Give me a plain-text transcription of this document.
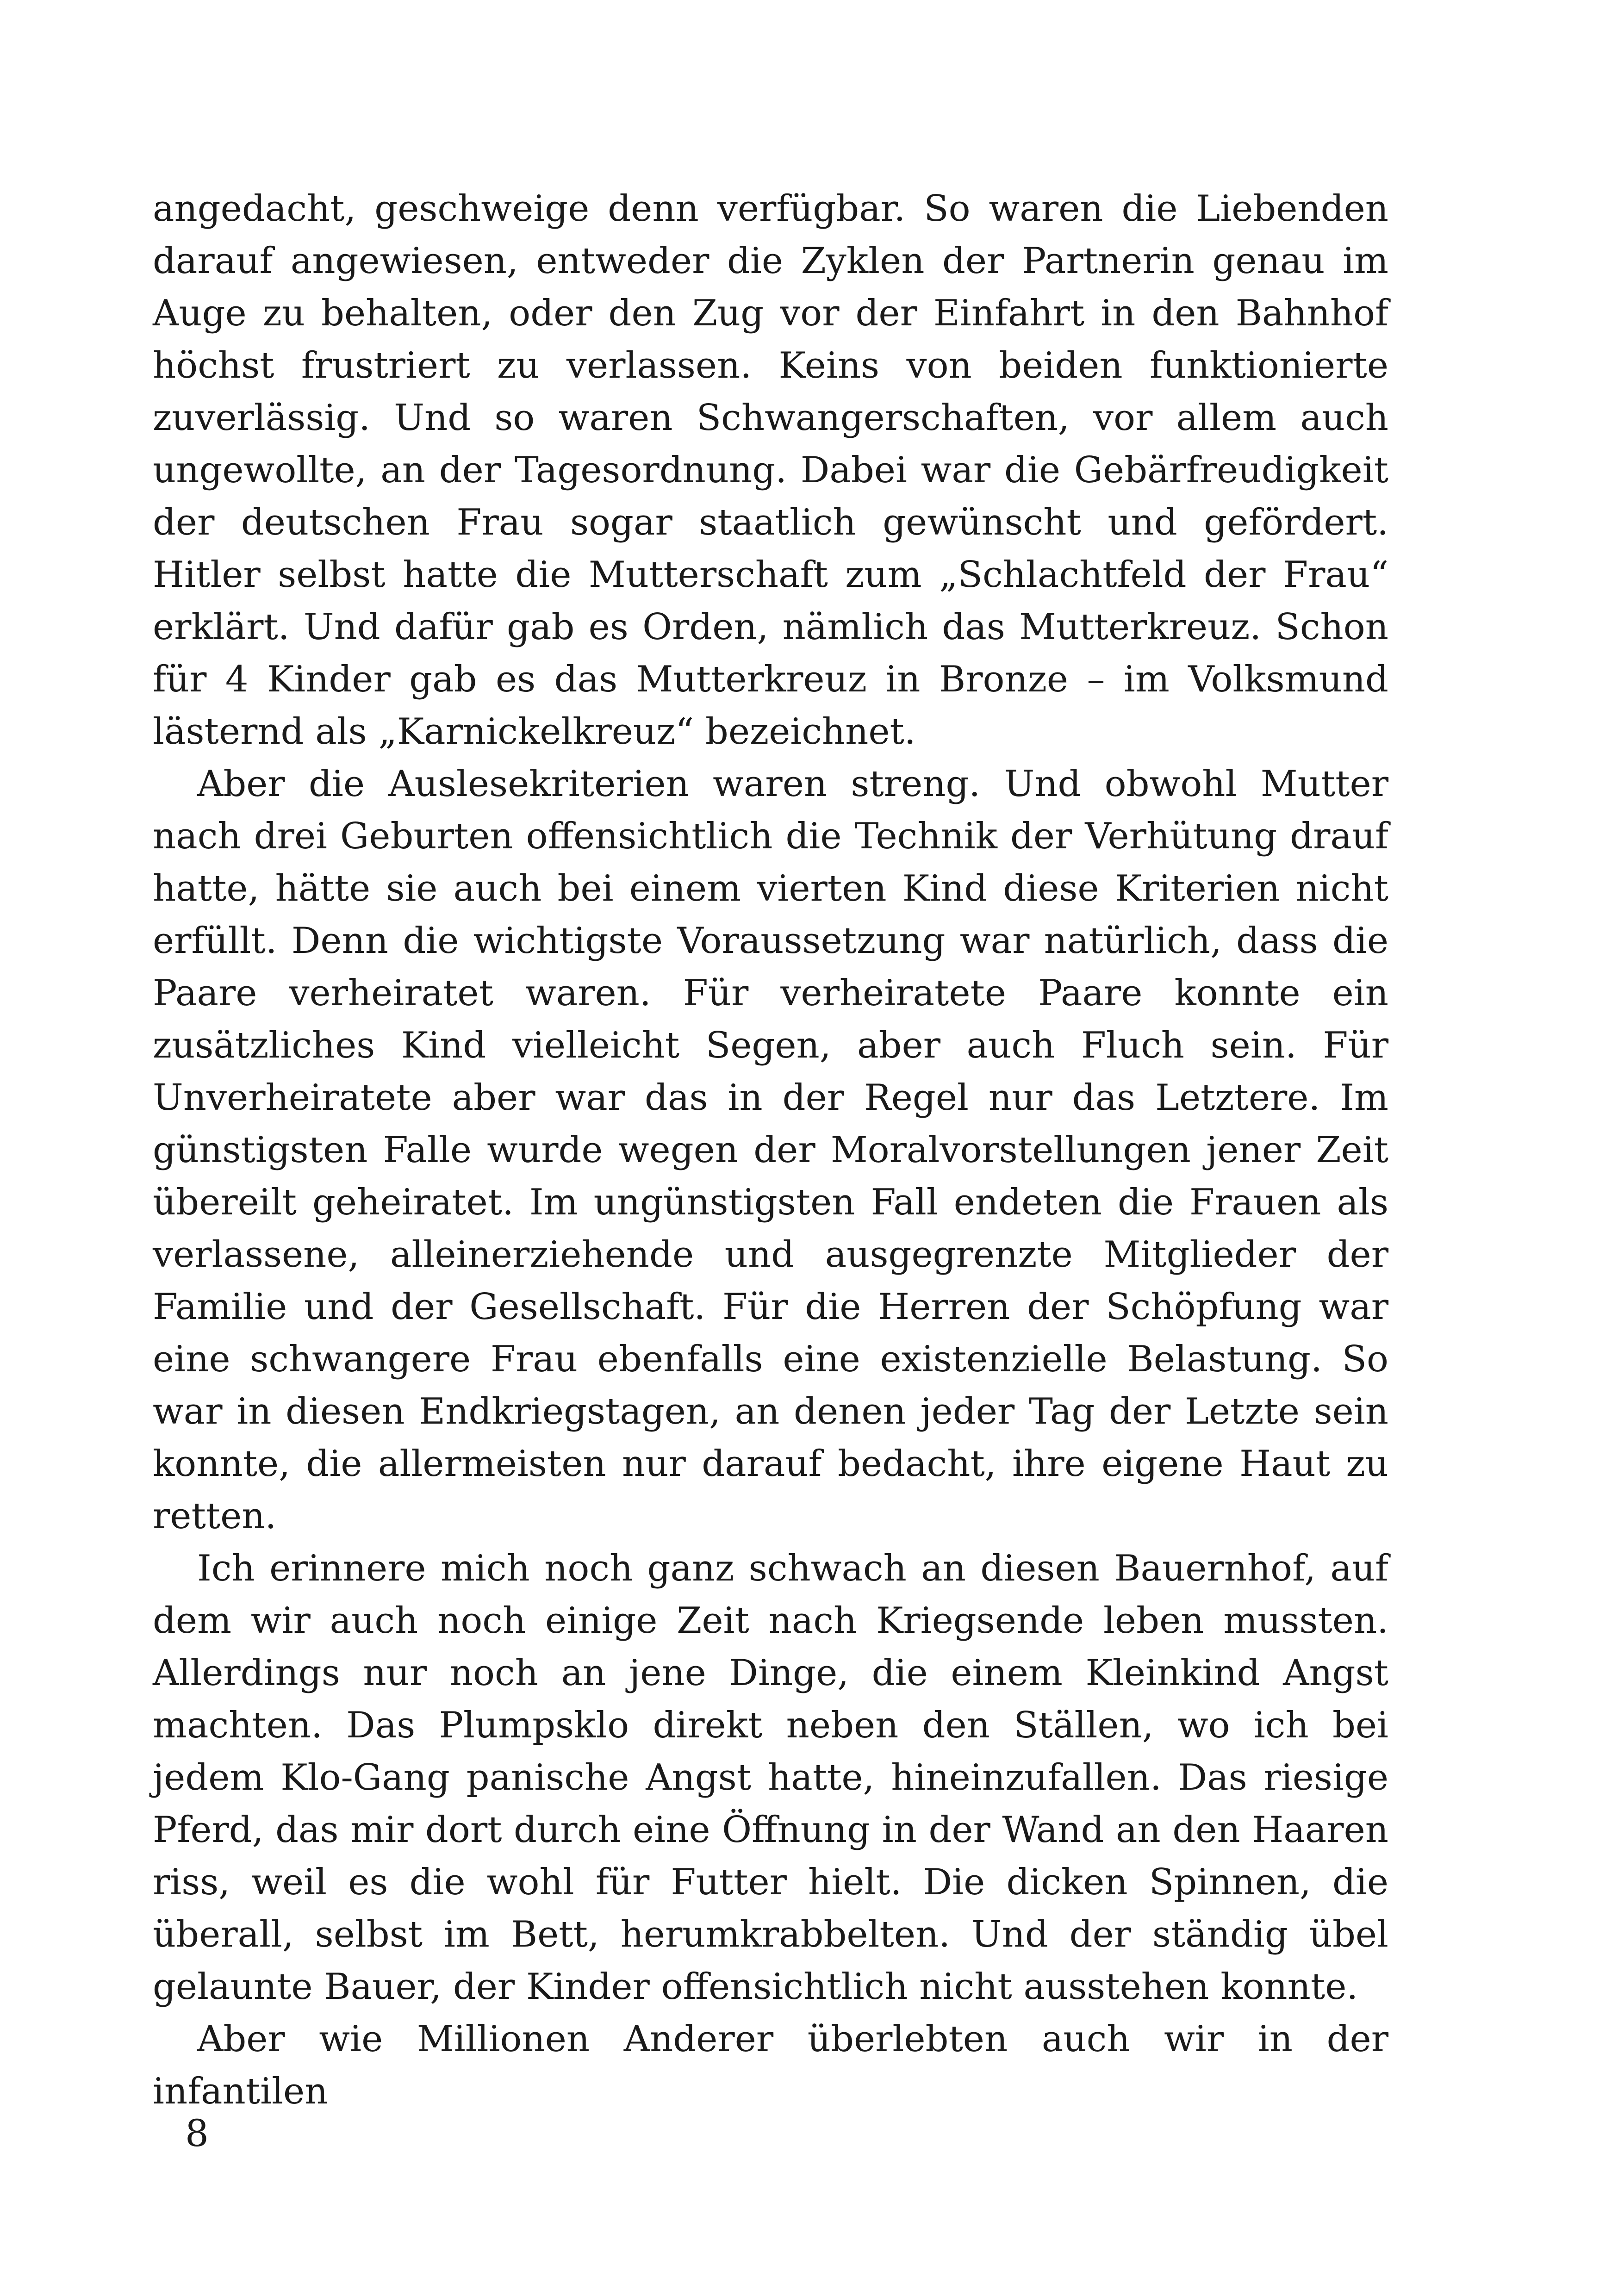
angedacht, geschweige denn verfügbar. So waren die Liebenden darauf angewiesen, entweder die Zyklen der Partnerin genau im Auge zu behalten, oder den Zug vor der Einfahrt in den Bahnhof höchst frustriert zu verlassen. Keins von beiden funktionierte zuverlässig. Und so waren Schwangerschaften, vor allem auch ungewollte, an der Tagesordnung. Dabei war die Gebärfreudigkeit der deutschen Frau sogar staatlich gewünscht und gefördert. Hitler selbst hatte die Mutterschaft zum „Schlachtfeld der Frau“ erklärt. Und dafür gab es Orden, nämlich das Mutterkreuz. Schon für 4 Kinder gab es das Mutterkreuz in Bronze – im Volksmund lästernd als „Karnickelkreuz“ bezeichnet.

Aber die Auslesekriterien waren streng. Und obwohl Mutter nach drei Geburten offensichtlich die Technik der Verhütung drauf hatte, hätte sie auch bei einem vierten Kind diese Kriterien nicht erfüllt. Denn die wichtigste Voraussetzung war natürlich, dass die Paare verheiratet waren. Für verheiratete Paare konnte ein zusätzliches Kind vielleicht Segen, aber auch Fluch sein. Für Unverheiratete aber war das in der Regel nur das Letztere. Im günstigsten Falle wurde wegen der Moralvorstellungen jener Zeit übereilt geheiratet. Im ungünstigsten Fall endeten die Frauen als verlassene, alleinerziehende und ausgegrenzte Mitglieder der Familie und der Gesellschaft. Für die Herren der Schöpfung war eine schwangere Frau ebenfalls eine existenzielle Belastung. So war in diesen Endkriegstagen, an denen jeder Tag der Letzte sein konnte, die allermeisten nur darauf bedacht, ihre eigene Haut zu retten.

Ich erinnere mich noch ganz schwach an diesen Bauernhof, auf dem wir auch noch einige Zeit nach Kriegsende leben mussten. Allerdings nur noch an jene Dinge, die einem Kleinkind Angst machten. Das Plumpsklo direkt neben den Ställen, wo ich bei jedem Klo-Gang panische Angst hatte, hineinzufallen. Das riesige Pferd, das mir dort durch eine Öffnung in der Wand an den Haaren riss, weil es die wohl für Futter hielt. Die dicken Spinnen, die überall, selbst im Bett, herumkrabbelten. Und der ständig übel gelaunte Bauer, der Kinder offensichtlich nicht ausstehen konnte.

Aber wie Millionen Anderer überlebten auch wir in der infantilen

8
